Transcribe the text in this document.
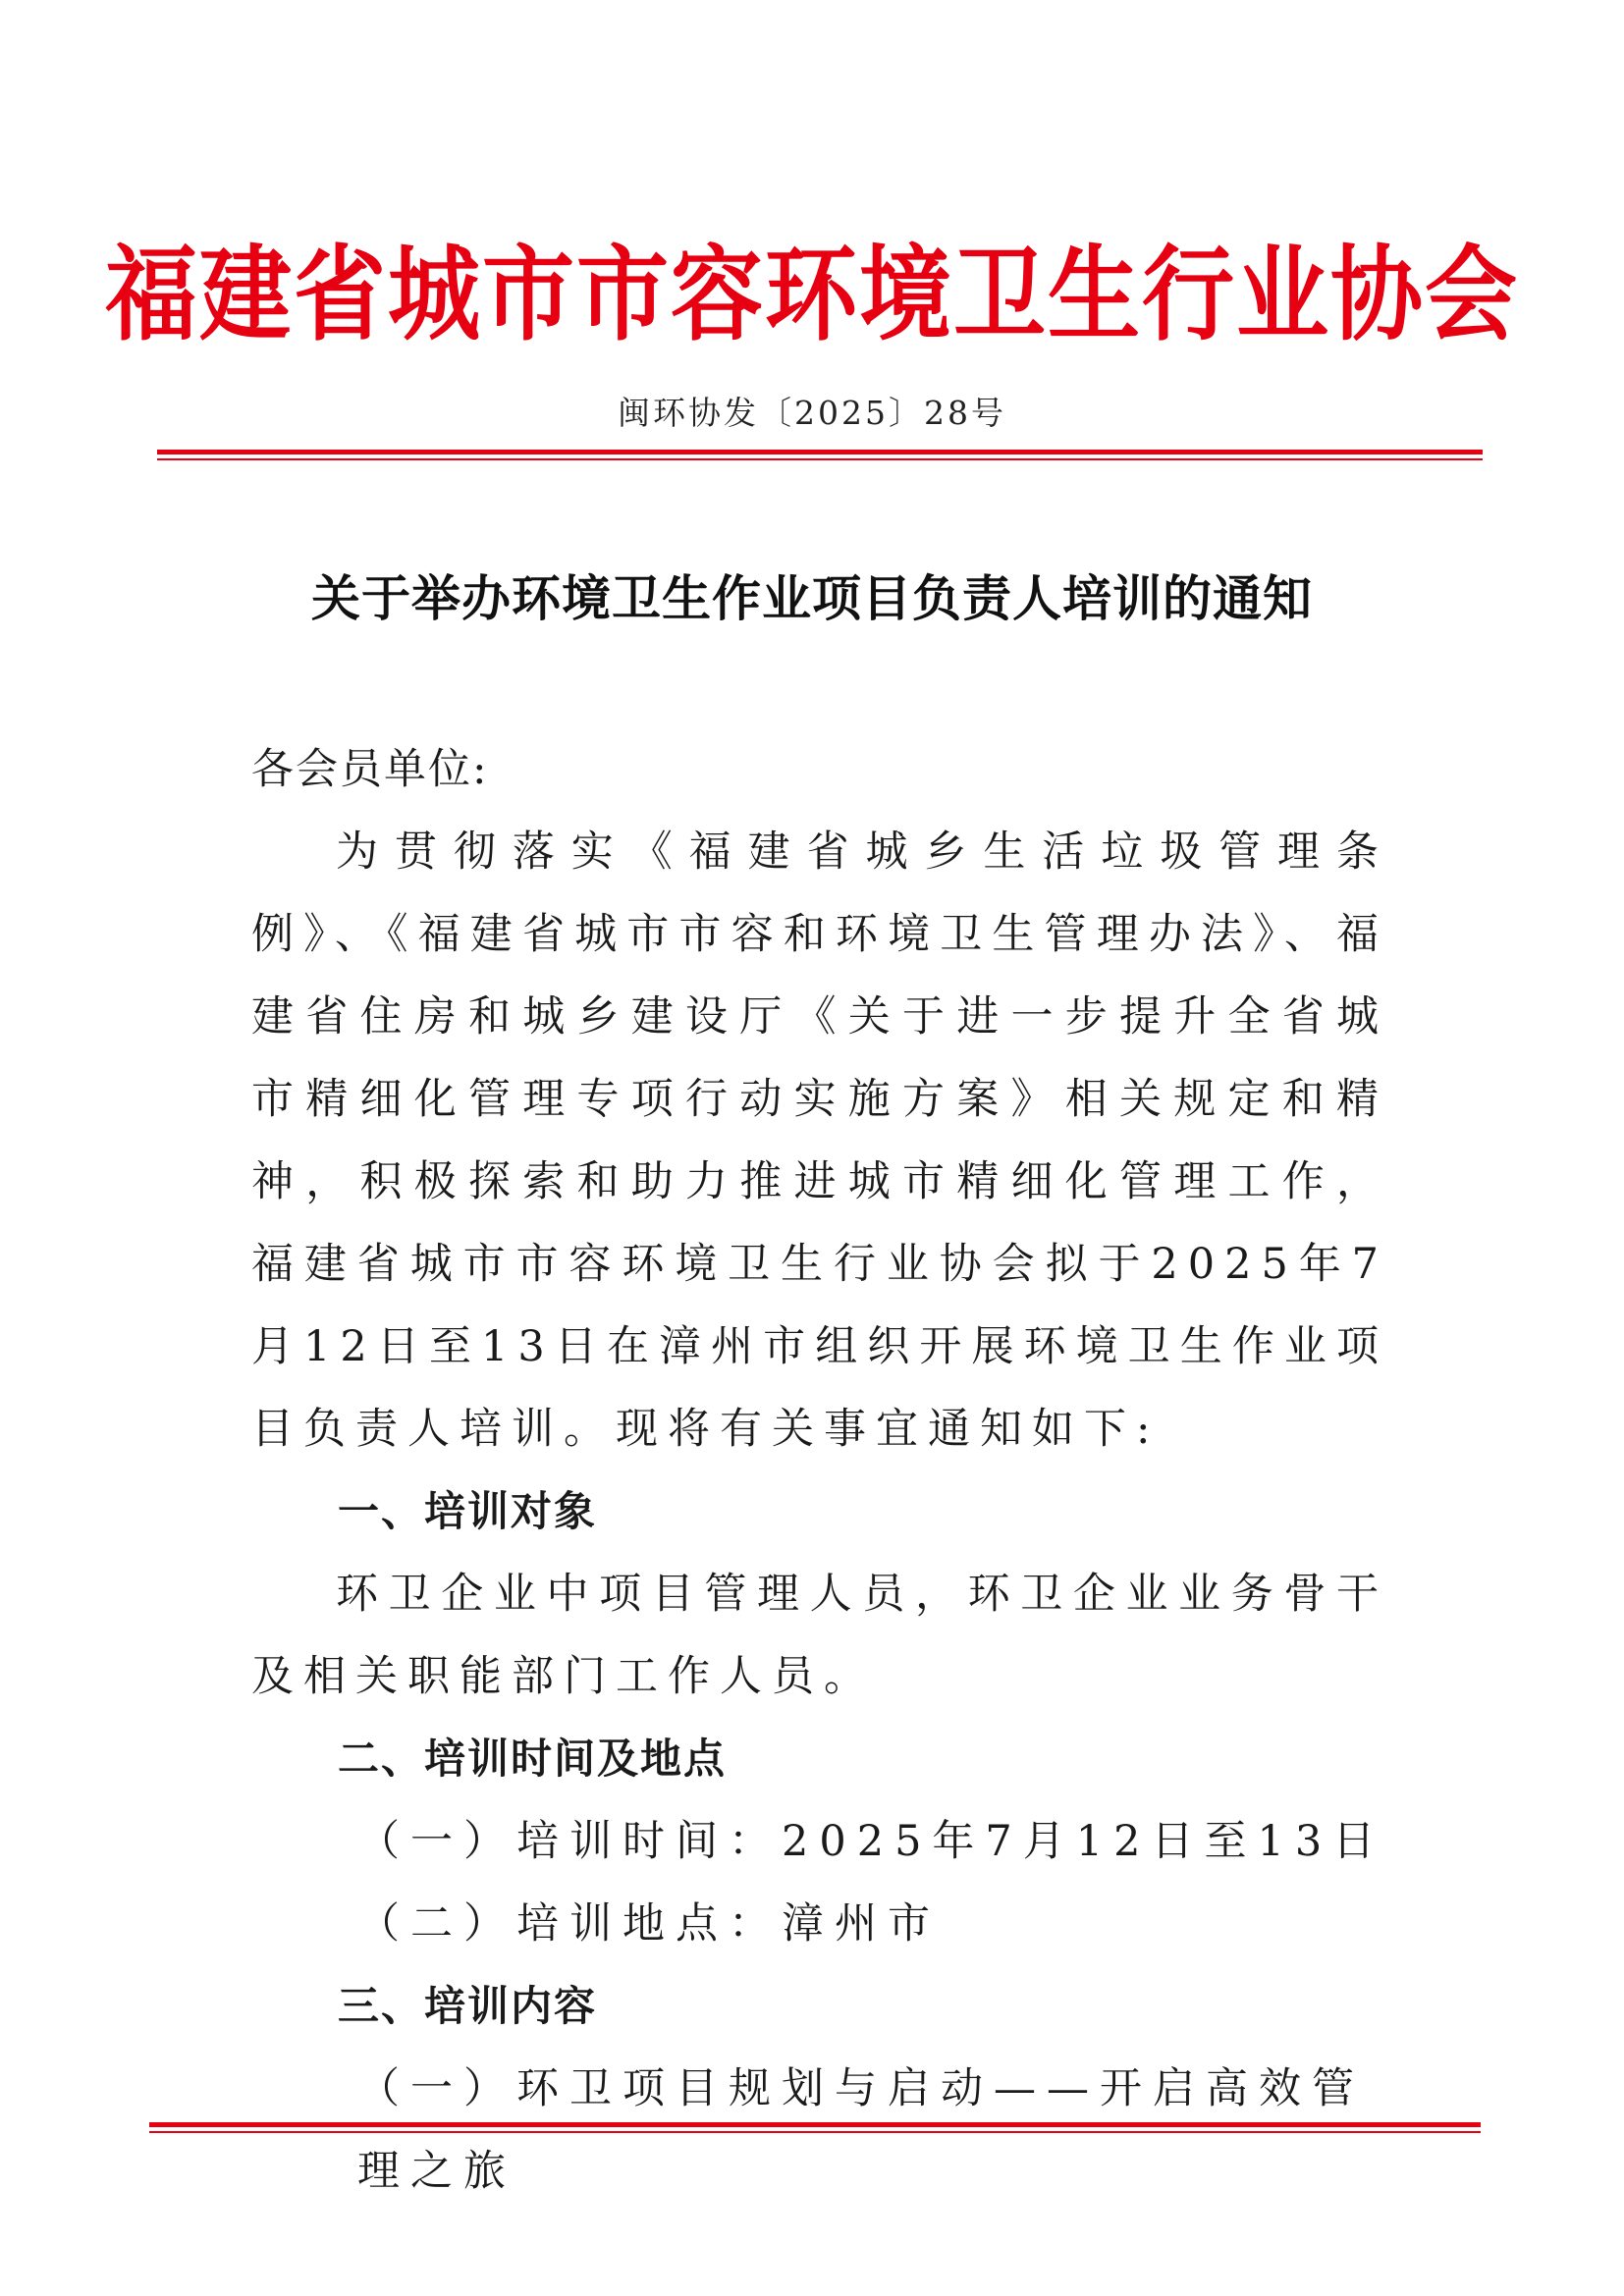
福建省城市市容环境卫生行业协会
闽环协发〔2025〕28号
关于举办环境卫生作业项目负责人培训的通知

各会员单位:

为贯彻落实《福建省城乡生活垃圾管理条例》、《福建省城市市容和环境卫生管理办法》、福建省住房和城乡建设厅《关于进一步提升全省城市精细化管理专项行动实施方案》相关规定和精神，积极探索和助力推进城市精细化管理工作，福建省城市市容环境卫生行业协会拟于2025年7月12日至13日在漳州市组织开展环境卫生作业项目负责人培训。现将有关事宜通知如下:

一、培训对象

环卫企业中项目管理人员，环卫企业业务骨干及相关职能部门工作人员。

二、培训时间及地点

（一）培训时间：2025年7月12日至13日

（二）培训地点：漳州市

三、培训内容

（一）环卫项目规划与启动——开启高效管理之旅
